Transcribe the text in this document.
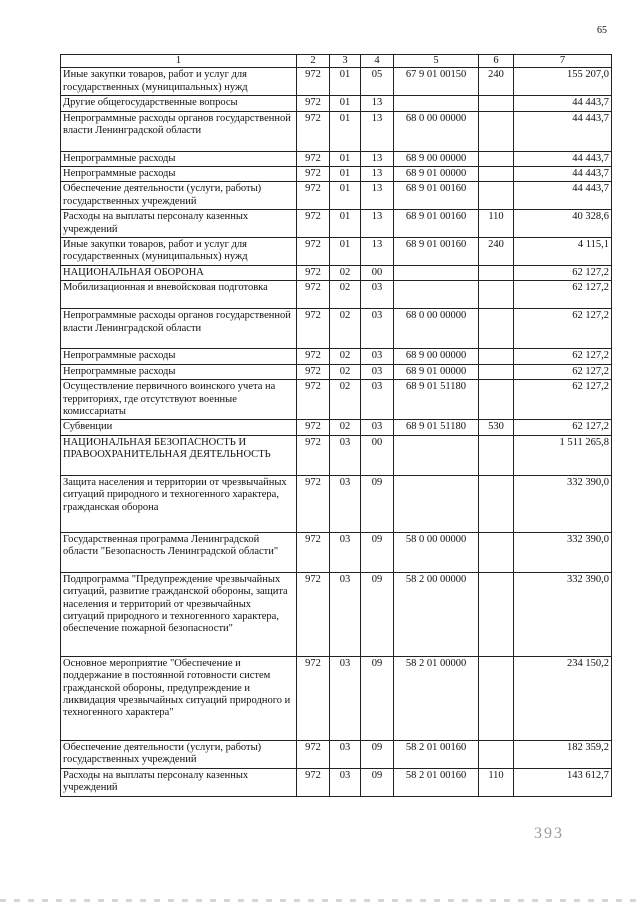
65
1	2	3	4	5	6	7
Иные закупки товаров, работ и услуг для государственных (муниципальных) нужд	972	01	05	67 9 01 00150	240	155 207,0
Другие общегосударственные вопросы	972	01	13			44 443,7
Непрограммные расходы органов государственной власти Ленинградской области	972	01	13	68 0 00 00000		44 443,7
Непрограммные расходы	972	01	13	68 9 00 00000		44 443,7
Непрограммные расходы	972	01	13	68 9 01 00000		44 443,7
Обеспечение деятельности (услуги, работы) государственных учреждений	972	01	13	68 9 01 00160		44 443,7
Расходы на выплаты персоналу казенных учреждений	972	01	13	68 9 01 00160	110	40 328,6
Иные закупки товаров, работ и услуг для государственных (муниципальных) нужд	972	01	13	68 9 01 00160	240	4 115,1
НАЦИОНАЛЬНАЯ ОБОРОНА	972	02	00			62 127,2
Мобилизационная и вневойсковая подготовка	972	02	03			62 127,2
Непрограммные расходы органов государственной власти Ленинградской области	972	02	03	68 0 00 00000		62 127,2
Непрограммные расходы	972	02	03	68 9 00 00000		62 127,2
Непрограммные расходы	972	02	03	68 9 01 00000		62 127,2
Осуществление первичного воинского учета на территориях, где отсутствуют военные комиссариаты	972	02	03	68 9 01 51180		62 127,2
Субвенции	972	02	03	68 9 01 51180	530	62 127,2
НАЦИОНАЛЬНАЯ БЕЗОПАСНОСТЬ И ПРАВООХРАНИТЕЛЬНАЯ ДЕЯТЕЛЬНОСТЬ	972	03	00			1 511 265,8
Защита населения и территории от чрезвычайных ситуаций природного и техногенного характера, гражданская оборона	972	03	09			332 390,0
Государственная программа Ленинградской области "Безопасность Ленинградской области"	972	03	09	58 0 00 00000		332 390,0
Подпрограмма "Предупреждение чрезвычайных ситуаций, развитие гражданской обороны, защита населения и территорий от чрезвычайных ситуаций природного и техногенного характера, обеспечение пожарной безопасности"	972	03	09	58 2 00 00000		332 390,0
Основное мероприятие "Обеспечение и поддержание в постоянной готовности систем гражданской обороны, предупреждение и ликвидация чрезвычайных ситуаций природного и техногенного характера"	972	03	09	58 2 01 00000		234 150,2
Обеспечение деятельности (услуги, работы) государственных учреждений	972	03	09	58 2 01 00160		182 359,2
Расходы на выплаты персоналу казенных учреждений	972	03	09	58 2 01 00160	110	143 612,7
393
